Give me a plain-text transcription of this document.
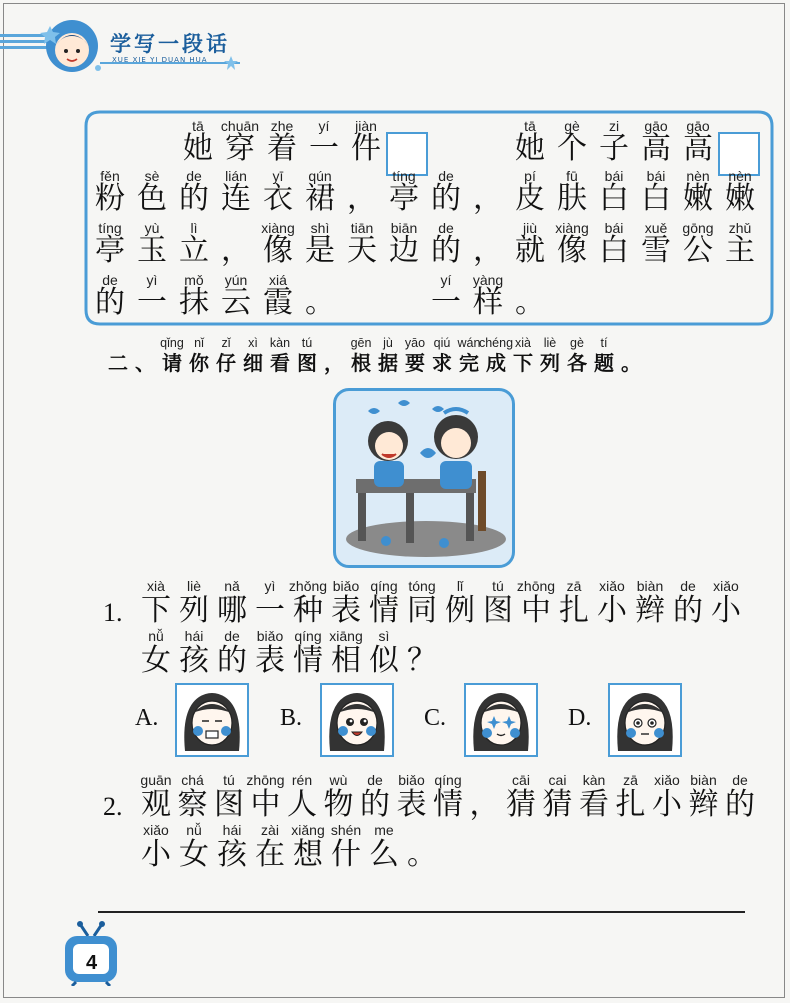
学写一段话
XUE XIE YI DUAN HUA
tā
她
chuān
穿
zhe
着
yí
一
jiàn
件
fěn
粉
sè
色
de
的
lián
连
yī
衣
qún
裙 ，
tíng
亭
tíng
亭
yù
玉
lì
立 ，
xiàng
像
shì
是
tiān
天
biān
边
de
的
yì
一
mǒ
抹
yún
云
xiá
霞 。
tā
她
gè
个
zi
子
gāo
高
gāo
高
de
的 ，
pí
皮
fū
肤
bái
白
bái
白
nèn
嫩
nèn
嫩
de
的 ，
jiù
就
xiàng
像
bái
白
xuě
雪
gōng
公
zhǔ
主
yí
一
yàng
样 。
二 、
qǐng
请
nǐ
你
zǐ
仔
xì
细
kàn
看
tú
图 ，
gēn
根
jù
据
yāo
要
qiú
求
wán
完
chéng
成
xià
下
liè
列
gè
各
tí
题 。
1.
xià
下
liè
列
nǎ
哪
yì
一
zhǒng
种
biǎo
表
qíng
情
tóng
同
lǐ
例
tú
图
zhōng
中
zā
扎
xiǎo
小
biàn
辫
de
的
xiǎo
小
nǚ
女
hái
孩
de
的
biǎo
表
qíng
情
xiāng
相
sì
似 ？
A.	B.	C.	D.
2.
guān
观
chá
察
tú
图
zhōng
中
rén
人
wù
物
de
的
biǎo
表
qíng
情 ，
cāi
猜
cai
猜
kàn
看
zā
扎
xiǎo
小
biàn
辫
de
的
xiǎo
小
nǚ
女
hái
孩
zài
在
xiǎng
想
shén
什
me
么 。
4
